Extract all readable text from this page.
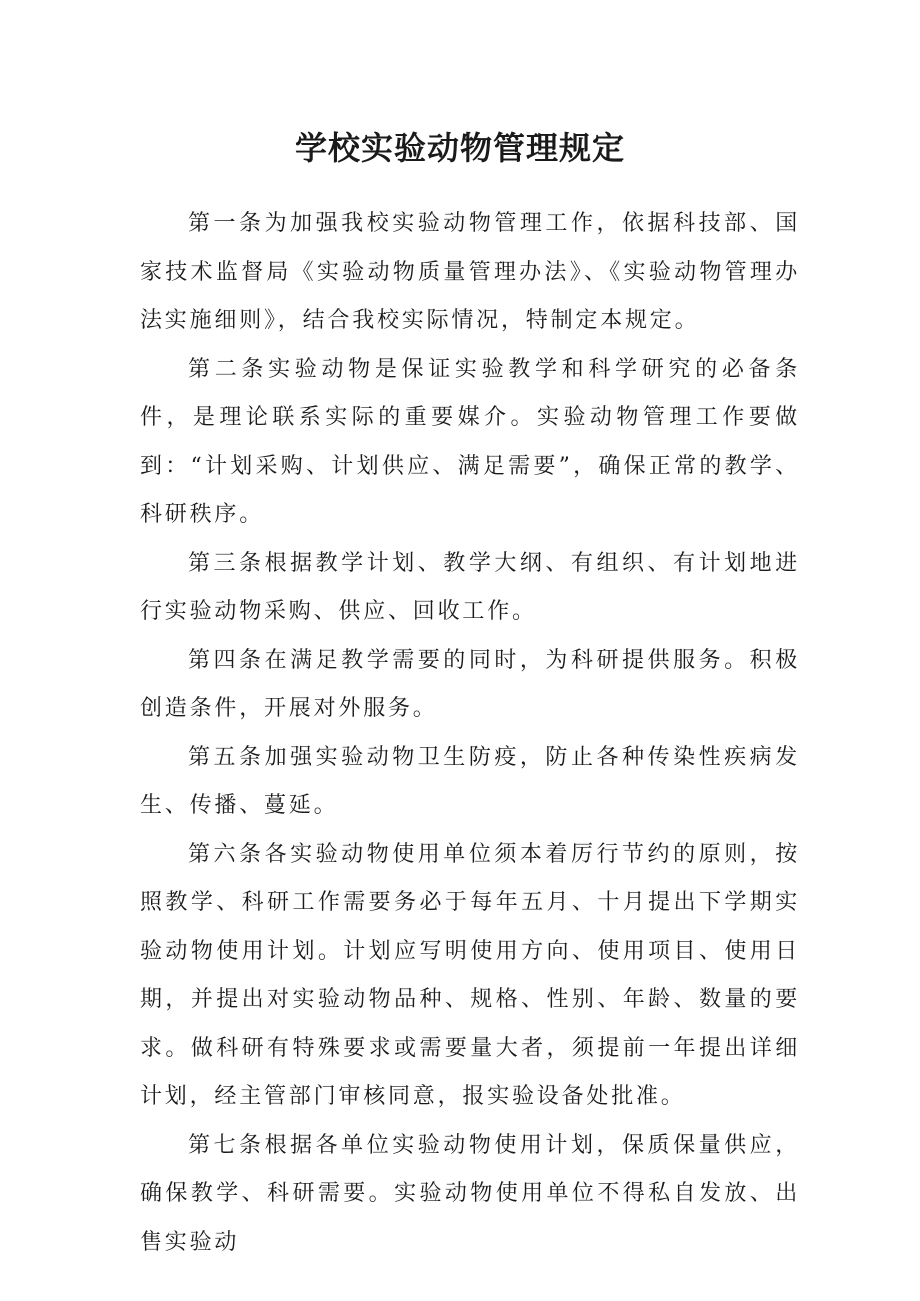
学校实验动物管理规定

第一条为加强我校实验动物管理工作，依据科技部、国家技术监督局《实验动物质量管理办法》、《实验动物管理办法实施细则》，结合我校实际情况，特制定本规定。

第二条实验动物是保证实验教学和科学研究的必备条件，是理论联系实际的重要媒介。实验动物管理工作要做到：“计划采购、计划供应、满足需要”，确保正常的教学、科研秩序。

第三条根据教学计划、教学大纲、有组织、有计划地进行实验动物采购、供应、回收工作。

第四条在满足教学需要的同时，为科研提供服务。积极创造条件，开展对外服务。

第五条加强实验动物卫生防疫，防止各种传染性疾病发生、传播、蔓延。

第六条各实验动物使用单位须本着厉行节约的原则，按照教学、科研工作需要务必于每年五月、十月提出下学期实验动物使用计划。计划应写明使用方向、使用项目、使用日期，并提出对实验动物品种、规格、性别、年龄、数量的要求。做科研有特殊要求或需要量大者，须提前一年提出详细计划，经主管部门审核同意，报实验设备处批准。

第七条根据各单位实验动物使用计划，保质保量供应，确保教学、科研需要。实验动物使用单位不得私自发放、出售实验动
